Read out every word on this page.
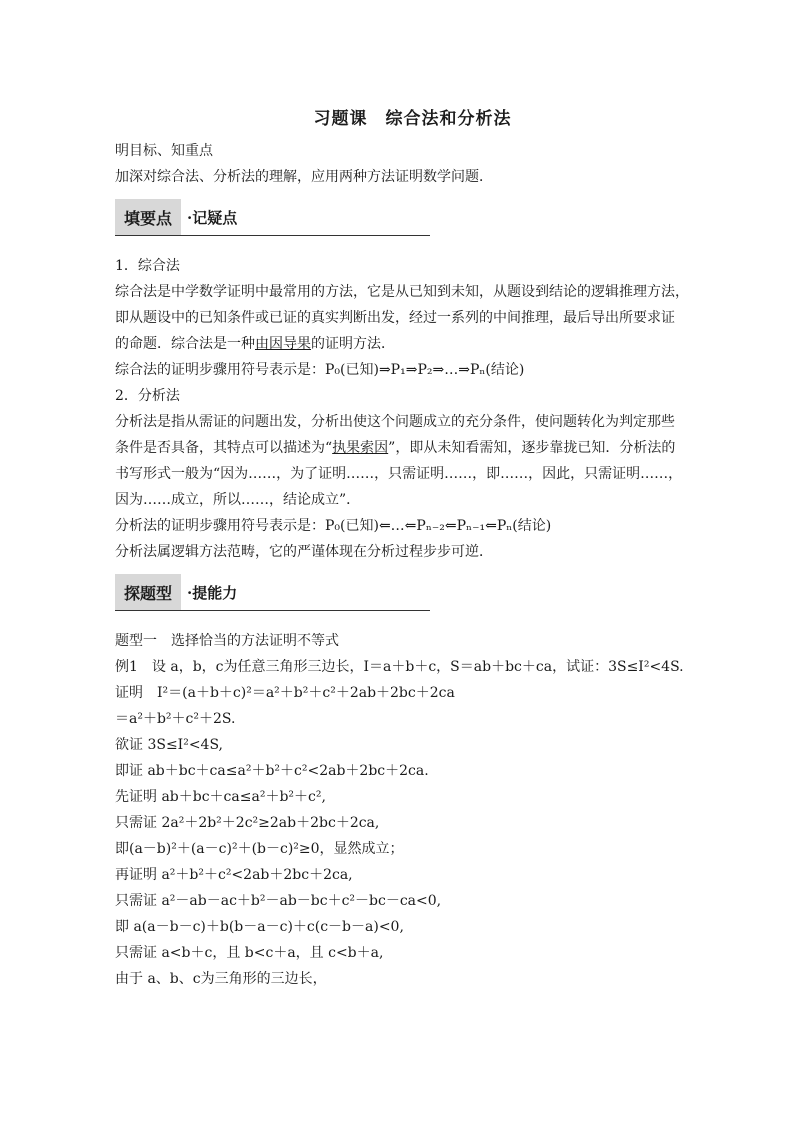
习题课　综合法和分析法
明目标、知重点
加深对综合法、分析法的理解，应用两种方法证明数学问题．
填要点	·记疑点
1．综合法
综合法是中学数学证明中最常用的方法，它是从已知到未知，从题设到结论的逻辑推理方法，
即从题设中的已知条件或已证的真实判断出发，经过一系列的中间推理，最后导出所要求证
的命题．综合法是一种由因导果的证明方法．
综合法的证明步骤用符号表示是：P₀(已知)⇒P₁⇒P₂⇒…⇒Pₙ(结论)
2．分析法
分析法是指从需证的问题出发，分析出使这个问题成立的充分条件，使问题转化为判定那些
条件是否具备，其特点可以描述为“执果索因”，即从未知看需知，逐步靠拢已知．分析法的
书写形式一般为“因为……，为了证明……，只需证明……，即……，因此，只需证明……，
因为……成立，所以……，结论成立”．
分析法的证明步骤用符号表示是：P₀(已知)⇐…⇐Pₙ₋₂⇐Pₙ₋₁⇐Pₙ(结论)
分析法属逻辑方法范畴，它的严谨体现在分析过程步步可逆．
探题型	·提能力
题型一　选择恰当的方法证明不等式
例1　设 a，b，c为任意三角形三边长，I＝a＋b＋c，S＝ab＋bc＋ca，试证：3S≤I²<4S.
证明　I²＝(a＋b＋c)²＝a²＋b²＋c²＋2ab＋2bc＋2ca
＝a²＋b²＋c²＋2S.
欲证 3S≤I²<4S,
即证 ab＋bc＋ca≤a²＋b²＋c²<2ab＋2bc＋2ca.
先证明 ab＋bc＋ca≤a²＋b²＋c²,
只需证 2a²＋2b²＋2c²≥2ab＋2bc＋2ca,
即(a－b)²＋(a－c)²＋(b－c)²≥0，显然成立；
再证明 a²＋b²＋c²<2ab＋2bc＋2ca,
只需证 a²－ab－ac＋b²－ab－bc＋c²－bc－ca<0,
即 a(a－b－c)＋b(b－a－c)＋c(c－b－a)<0,
只需证 a<b＋c，且 b<c＋a，且 c<b＋a,
由于 a、b、c为三角形的三边长，
